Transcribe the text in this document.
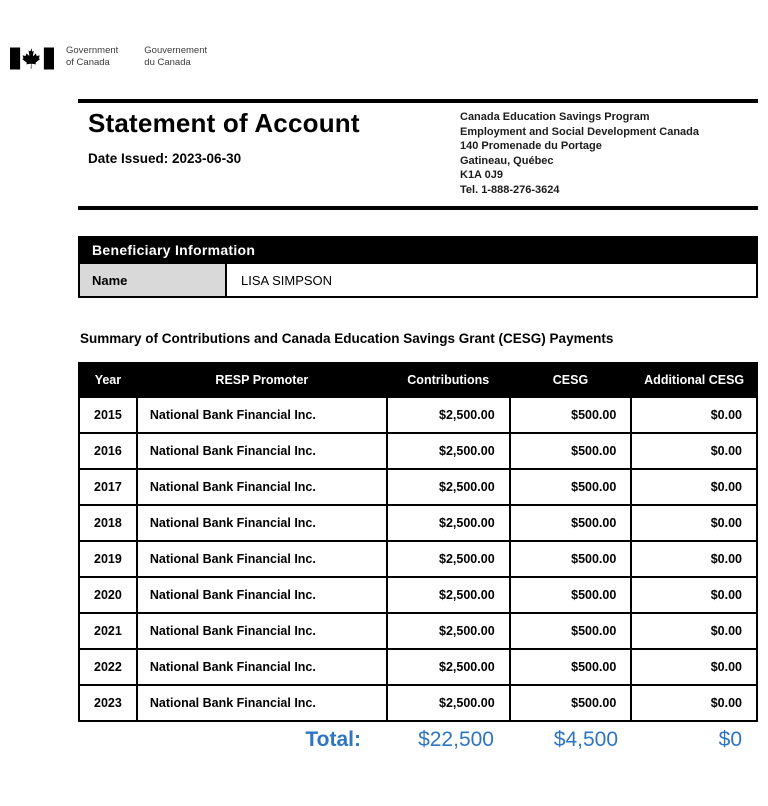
Government
of Canada
Gouvernement
du Canada
Statement of Account
Date Issued: 2023-06-30
Canada Education Savings Program
Employment and Social Development Canada
140 Promenade du Portage
Gatineau, Québec
K1A 0J9
Tel. 1-888-276-3624
Beneficiary Information
Name	LISA SIMPSON
Summary of Contributions and Canada Education Savings Grant (CESG) Payments
Year	RESP Promoter	Contributions	CESG	Additional CESG
2015	National Bank Financial Inc.	$2,500.00	$500.00	$0.00
2016	National Bank Financial Inc.	$2,500.00	$500.00	$0.00
2017	National Bank Financial Inc.	$2,500.00	$500.00	$0.00
2018	National Bank Financial Inc.	$2,500.00	$500.00	$0.00
2019	National Bank Financial Inc.	$2,500.00	$500.00	$0.00
2020	National Bank Financial Inc.	$2,500.00	$500.00	$0.00
2021	National Bank Financial Inc.	$2,500.00	$500.00	$0.00
2022	National Bank Financial Inc.	$2,500.00	$500.00	$0.00
2023	National Bank Financial Inc.	$2,500.00	$500.00	$0.00
Total:	$22,500	$4,500	$0
